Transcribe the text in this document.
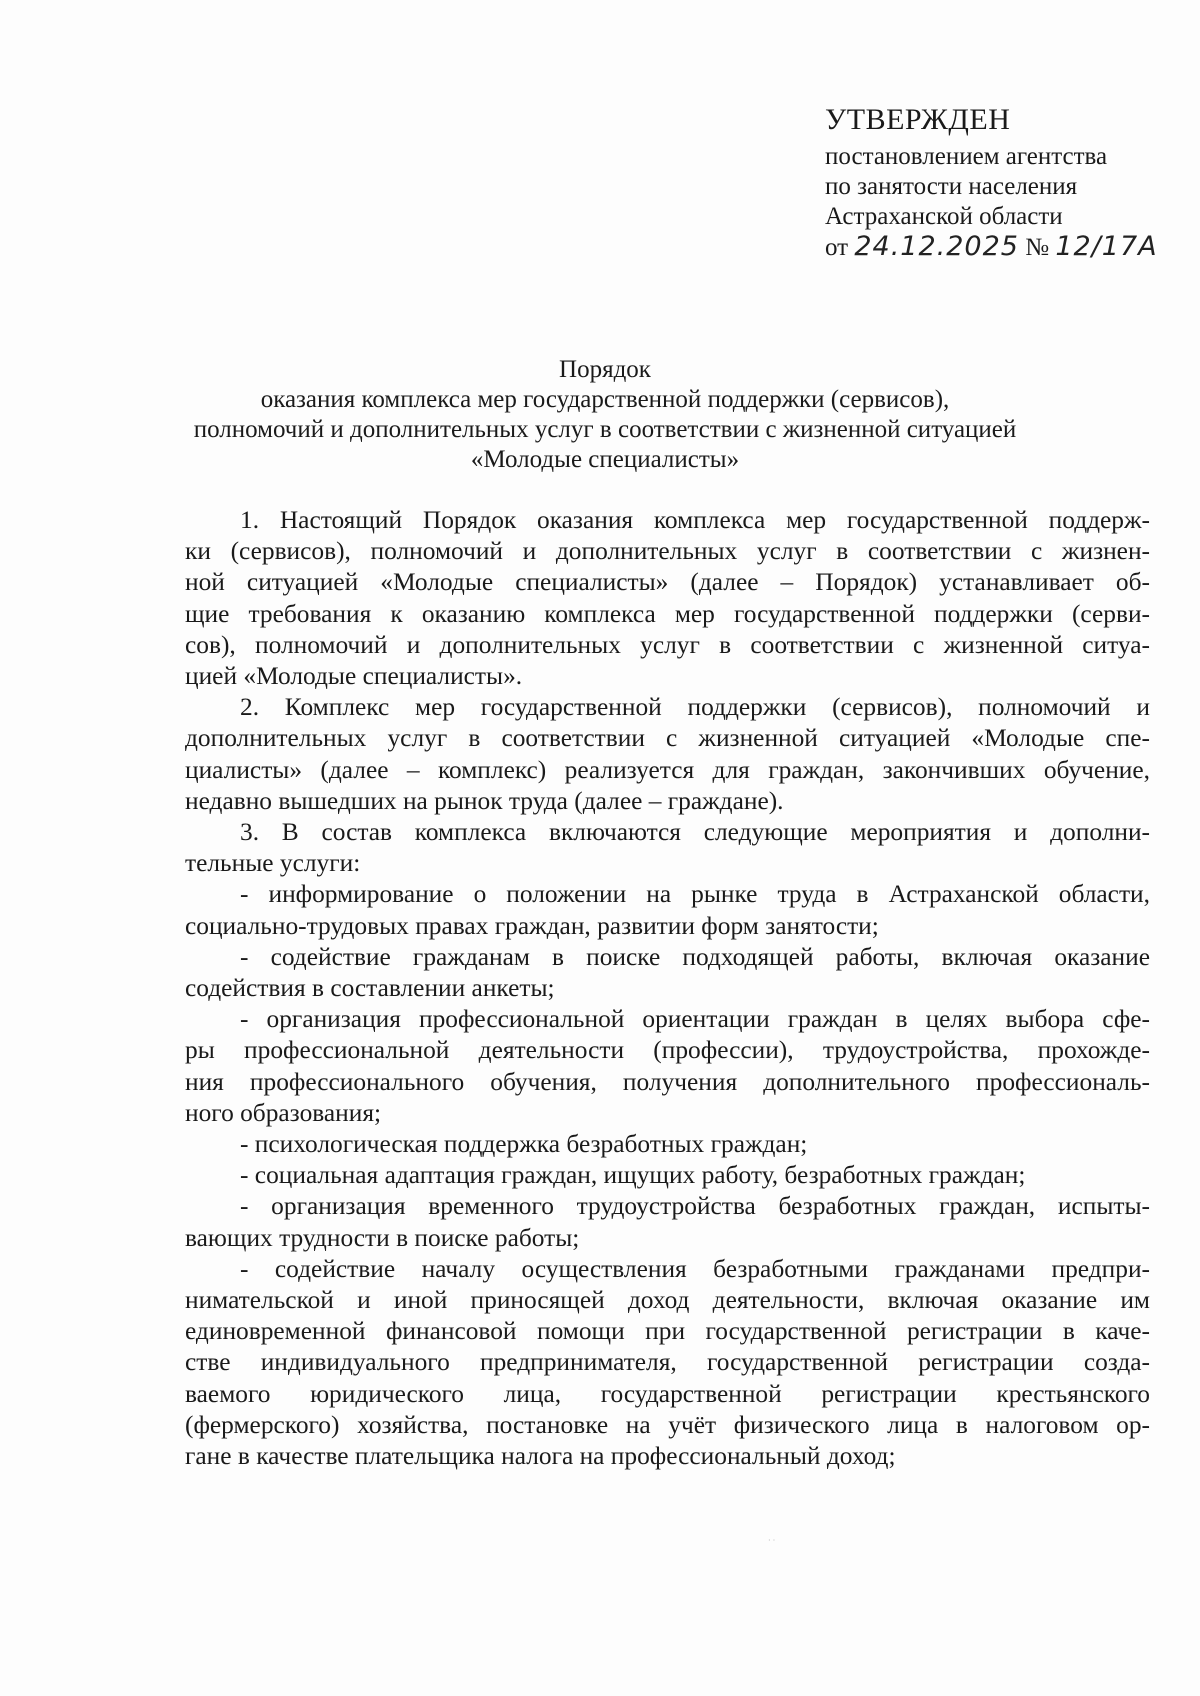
УТВЕРЖДЕН
постановлением агентства
по занятости населения
Астраханской области
от 24.12.2025 № 12/17А
Порядок
оказания комплекса мер государственной поддержки (сервисов),
полномочий и дополнительных услуг в соответствии с жизненной ситуацией
«Молодые специалисты»
1. Настоящий Порядок оказания комплекса мер государственной поддерж-
ки (сервисов), полномочий и дополнительных услуг в соответствии с жизнен-
ной ситуацией «Молодые специалисты» (далее – Порядок) устанавливает об-
щие требования к оказанию комплекса мер государственной поддержки (серви-
сов), полномочий и дополнительных услуг в соответствии с жизненной ситуа-
цией «Молодые специалисты».
2. Комплекс мер государственной поддержки (сервисов), полномочий и
дополнительных услуг в соответствии с жизненной ситуацией «Молодые спе-
циалисты» (далее – комплекс) реализуется для граждан, закончивших обучение,
недавно вышедших на рынок труда (далее – граждане).
3. В состав комплекса включаются следующие мероприятия и дополни-
тельные услуги:
- информирование о положении на рынке труда в Астраханской области,
социально-трудовых правах граждан, развитии форм занятости;
- содействие гражданам в поиске подходящей работы, включая оказание
содействия в составлении анкеты;
- организация профессиональной ориентации граждан в целях выбора сфе-
ры профессиональной деятельности (профессии), трудоустройства, прохожде-
ния профессионального обучения, получения дополнительного профессиональ-
ного образования;
- психологическая поддержка безработных граждан;
- социальная адаптация граждан, ищущих работу, безработных граждан;
- организация временного трудоустройства безработных граждан, испыты-
вающих трудности в поиске работы;
- содействие началу осуществления безработными гражданами предпри-
нимательской и иной приносящей доход деятельности, включая оказание им
единовременной финансовой помощи при государственной регистрации в каче-
стве индивидуального предпринимателя, государственной регистрации созда-
ваемого юридического лица, государственной регистрации крестьянского
(фермерского) хозяйства, постановке на учёт физического лица в налоговом ор-
гане в качестве плательщика налога на профессиональный доход;
· ·
